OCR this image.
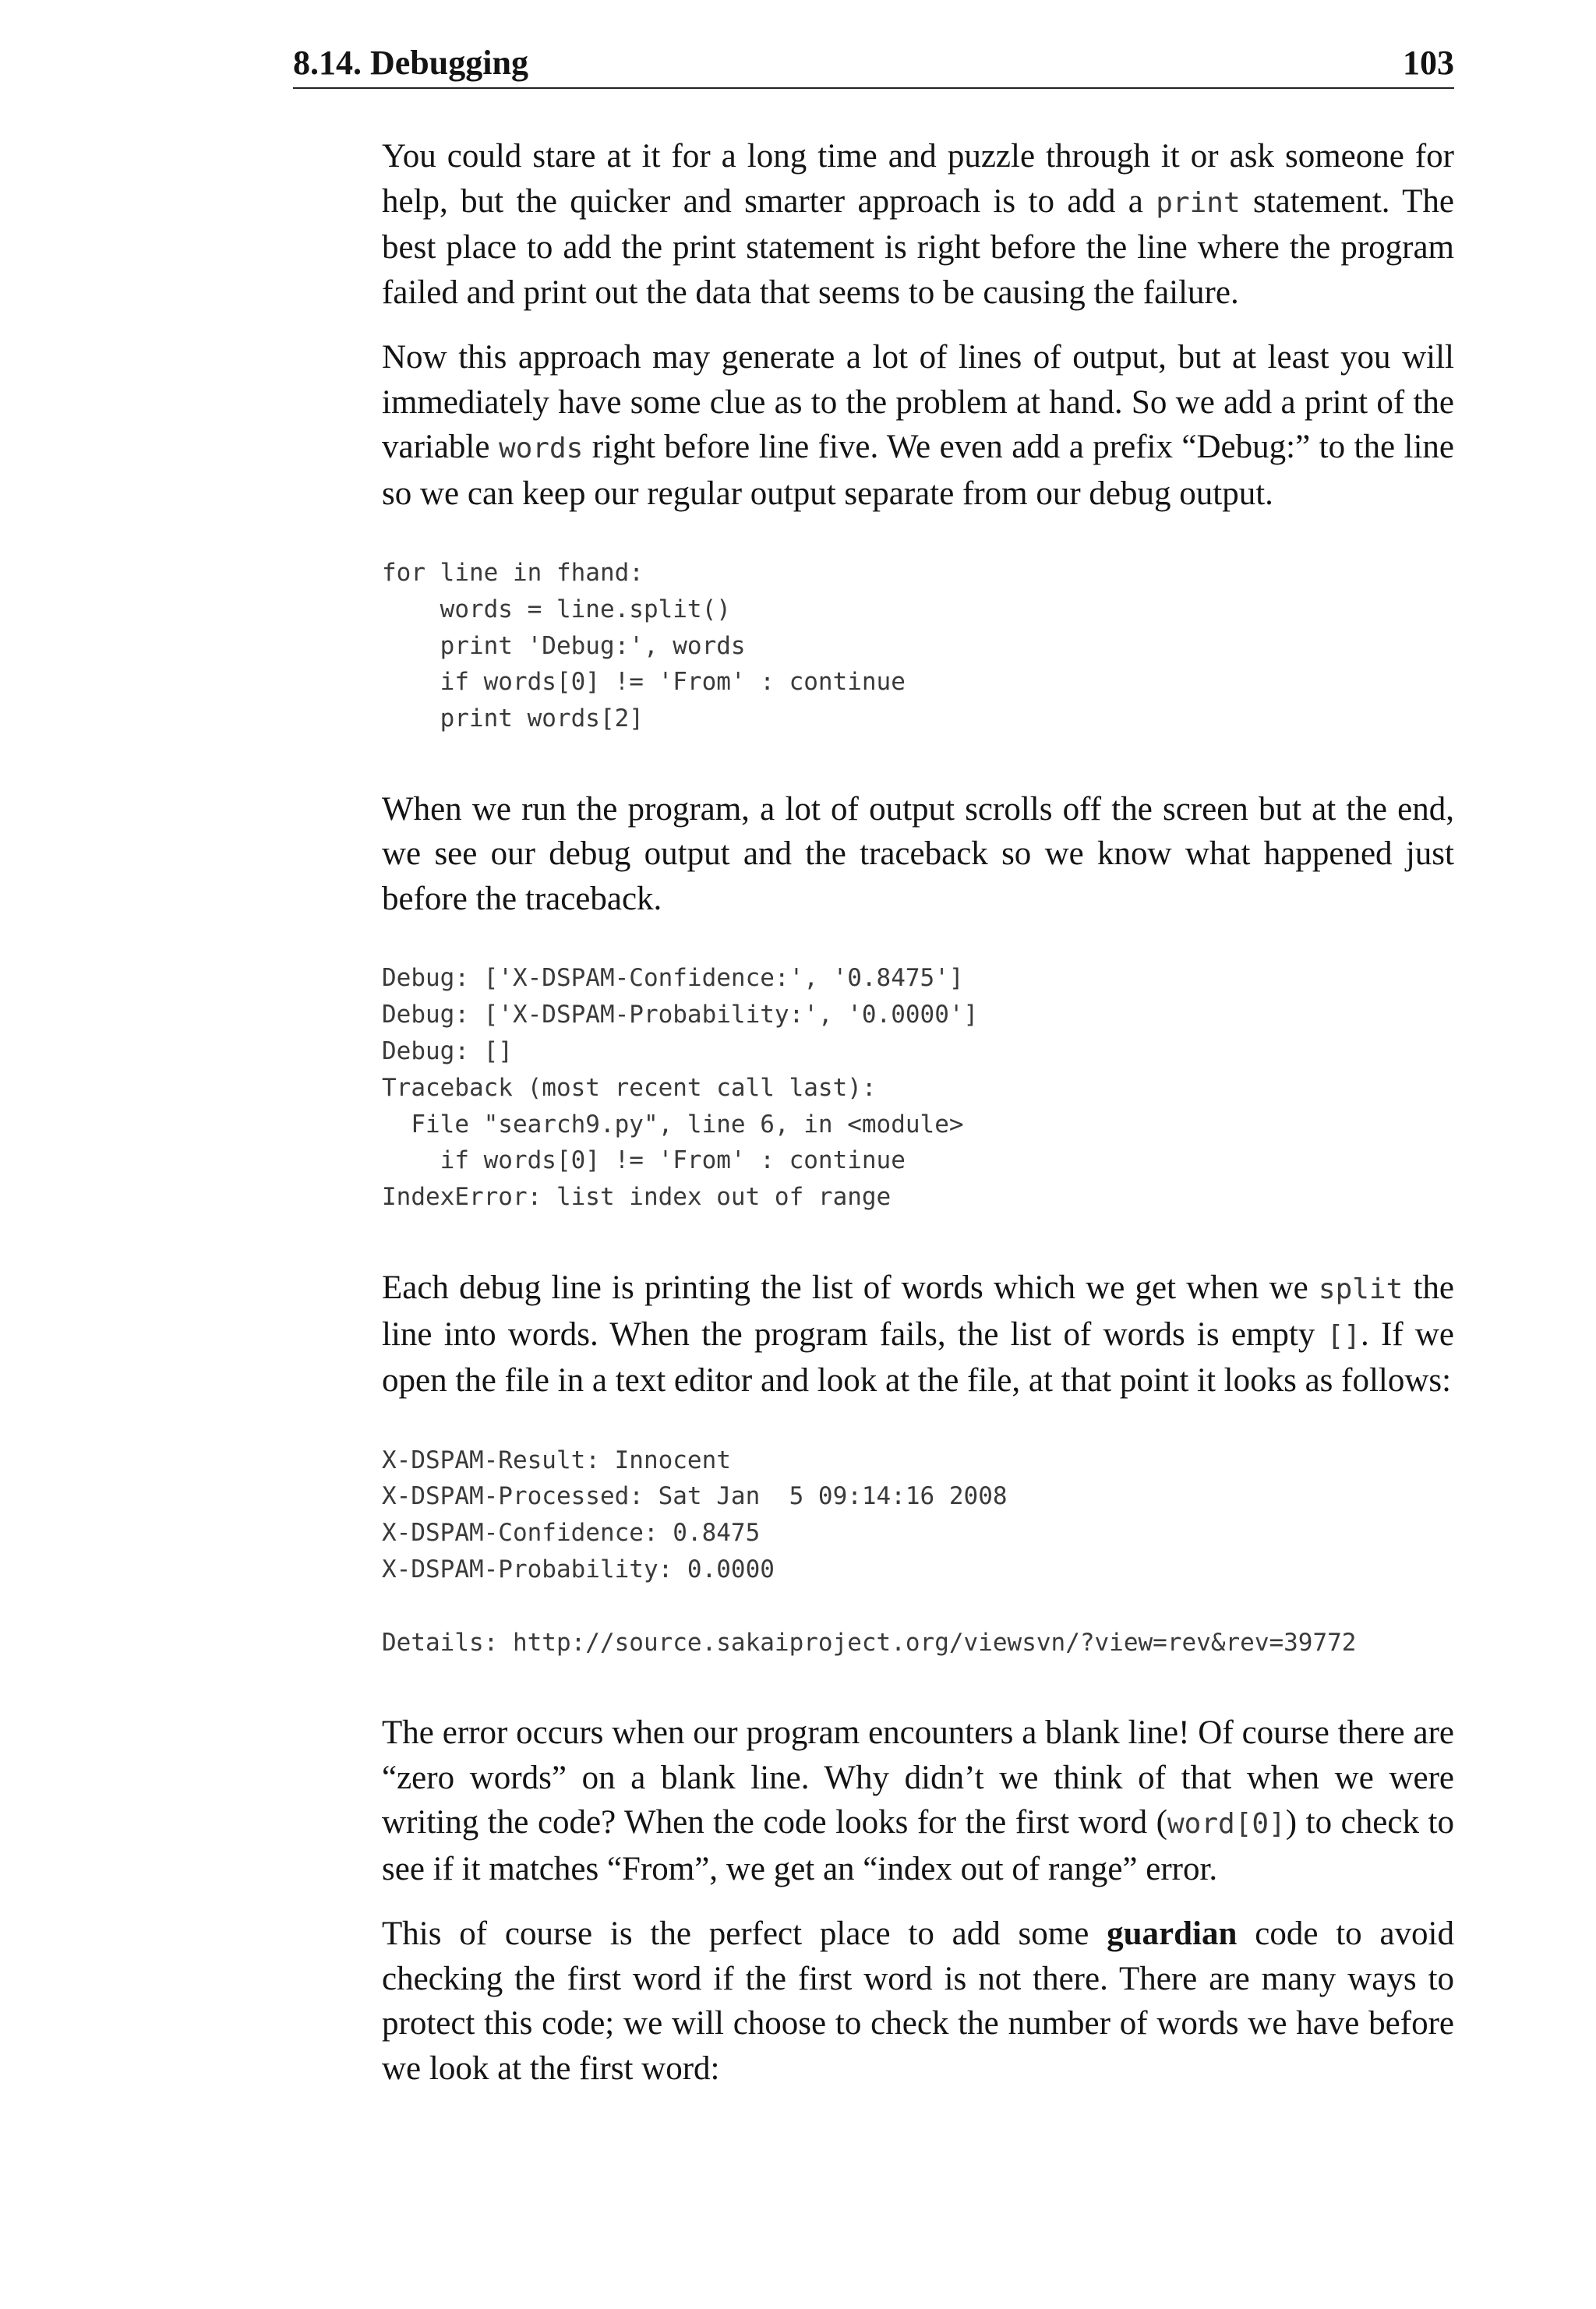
8.14. Debugging	103

You could stare at it for a long time and puzzle through it or ask someone for help, but the quicker and smarter approach is to add a print statement. The best place to add the print statement is right before the line where the program failed and print out the data that seems to be causing the failure.

Now this approach may generate a lot of lines of output, but at least you will immediately have some clue as to the problem at hand. So we add a print of the variable words right before line five. We even add a prefix “Debug:” to the line so we can keep our regular output separate from our debug output.

for line in fhand:
words = line.split()
print 'Debug:', words
if words[0] != 'From' : continue
print words[2]

When we run the program, a lot of output scrolls off the screen but at the end, we see our debug output and the traceback so we know what happened just before the traceback.

Debug: ['X-DSPAM-Confidence:', '0.8475']
Debug: ['X-DSPAM-Probability:', '0.0000']
Debug: []
Traceback (most recent call last):
File "search9.py", line 6, in <module>
if words[0] != 'From' : continue
IndexError: list index out of range

Each debug line is printing the list of words which we get when we split the line into words. When the program fails, the list of words is empty []. If we open the file in a text editor and look at the file, at that point it looks as follows:

X-DSPAM-Result: Innocent
X-DSPAM-Processed: Sat Jan  5 09:14:16 2008
X-DSPAM-Confidence: 0.8475
X-DSPAM-Probability: 0.0000
Details: http://source.sakaiproject.org/viewsvn/?view=rev&rev=39772

The error occurs when our program encounters a blank line! Of course there are “zero words” on a blank line. Why didn’t we think of that when we were writing the code? When the code looks for the first word (word[0]) to check to see if it matches “From”, we get an “index out of range” error.

This of course is the perfect place to add some guardian code to avoid checking the first word if the first word is not there. There are many ways to protect this code; we will choose to check the number of words we have before we look at the first word:
